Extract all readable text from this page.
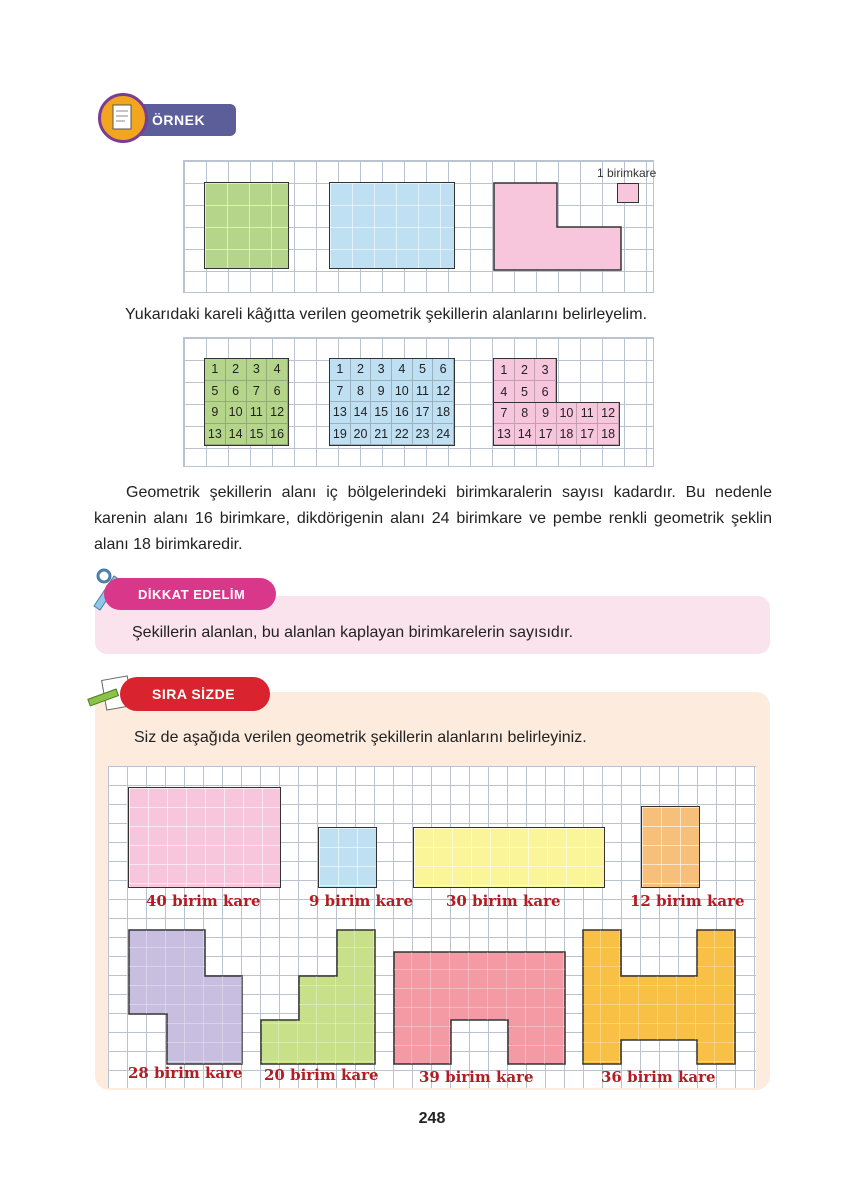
ÖRNEK
1 birimkare

Yukarıdaki kareli kâğıtta verilen geometrik şekillerin alanlarını belirleyelim.

1	2	3	4
5	6	7	6
9 10 11 12
13 14 15 16
1	2	3	4	5	6
7	8	9 10 11 12
13 14 15 16 17 18
19 20 21 22 23 24
1	2	3
4	5	6
7	8	9 10 11 12
13 14 17 18 17 18

Geometrik şekillerin alanı iç bölgelerindeki birimkaralerin sayısı kadardır. Bu nedenle karenin alanı 16 birimkare, dikdörigenin alanı 24 birimkare ve pembe renkli geometrik şeklin alanı 18 birimkaredir.

DİKKAT EDELİM

Şekillerin alanlan, bu alanlan kaplayan birimkarelerin sayısıdır.

SIRA SİZDE

Siz de aşağıda verilen geometrik şekillerin alanlarını belirleyiniz.

40 birim kare	9 birim kare 30 birim kare	12 birim kare
28 birim kare 20 birim kare	39 birim kare	36 birim kare
248
